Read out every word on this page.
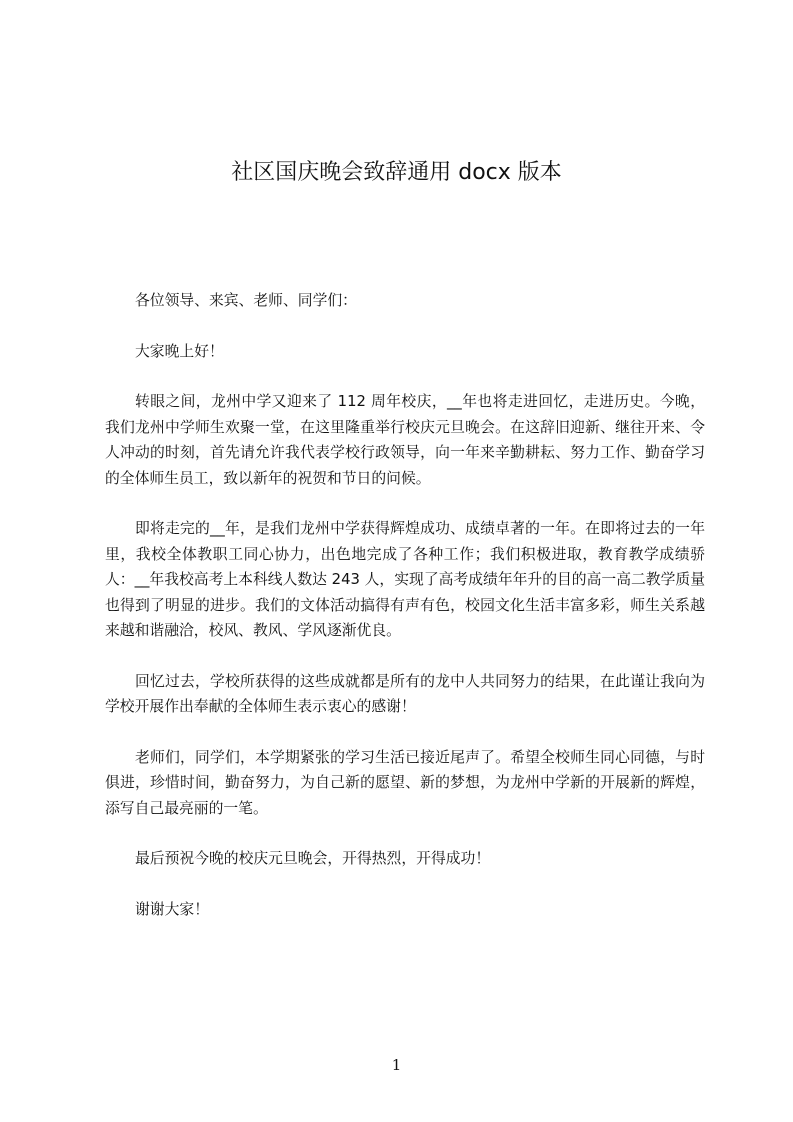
社区国庆晚会致辞通用 docx 版本

各位领导、来宾、老师、同学们：

大家晚上好！

转眼之间，龙州中学又迎来了 112 周年校庆，__年也将走进回忆，走进历史。今晚，我们龙州中学师生欢聚一堂，在这里隆重举行校庆元旦晚会。在这辞旧迎新、继往开来、令人冲动的时刻，首先请允许我代表学校行政领导，向一年来辛勤耕耘、努力工作、勤奋学习的全体师生员工，致以新年的祝贺和节日的问候。

即将走完的__年，是我们龙州中学获得辉煌成功、成绩卓著的一年。在即将过去的一年里，我校全体教职工同心协力，出色地完成了各种工作；我们积极进取，教育教学成绩骄人：__年我校高考上本科线人数达 243 人，实现了高考成绩年年升的目的高一高二教学质量也得到了明显的进步。我们的文体活动搞得有声有色，校园文化生活丰富多彩，师生关系越来越和谐融洽，校风、教风、学风逐渐优良。

回忆过去，学校所获得的这些成就都是所有的龙中人共同努力的结果，在此谨让我向为学校开展作出奉献的全体师生表示衷心的感谢！

老师们，同学们，本学期紧张的学习生活已接近尾声了。希望全校师生同心同德，与时俱进，珍惜时间，勤奋努力，为自己新的愿望、新的梦想，为龙州中学新的开展新的辉煌，添写自己最亮丽的一笔。

最后预祝今晚的校庆元旦晚会，开得热烈，开得成功！

谢谢大家！

1
